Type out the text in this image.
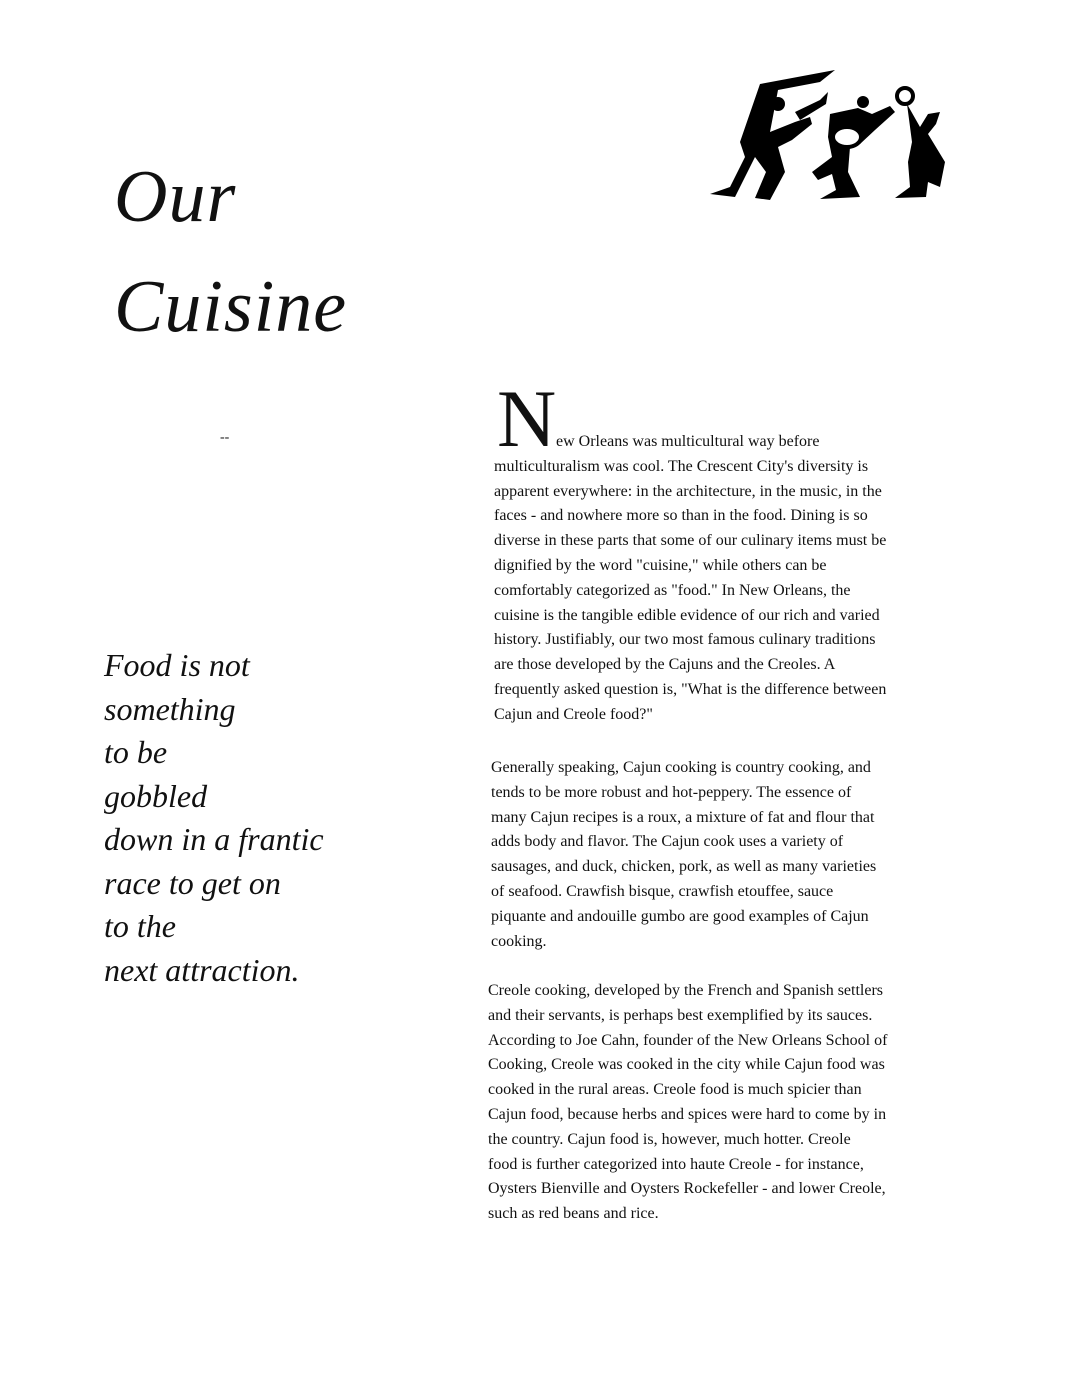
Our
Cuisine
--
Food is not
something
to be
gobbled
down in a frantic
race to get on
to the
next attraction.
N ew Orleans was multicultural way before
multiculturalism was cool. The Crescent City's diversity is
apparent everywhere: in the architecture, in the music, in the
faces - and nowhere more so than in the food. Dining is so
diverse in these parts that some of our culinary items must be
dignified by the word "cuisine," while others can be
comfortably categorized as "food." In New Orleans, the
cuisine is the tangible edible evidence of our rich and varied
history. Justifiably, our two most famous culinary traditions
are those developed by the Cajuns and the Creoles. A
frequently asked question is, "What is the difference between
Cajun and Creole food?"
Generally speaking, Cajun cooking is country cooking, and
tends to be more robust and hot-peppery. The essence of
many Cajun recipes is a roux, a mixture of fat and flour that
adds body and flavor. The Cajun cook uses a variety of
sausages, and duck, chicken, pork, as well as many varieties
of seafood. Crawfish bisque, crawfish etouffee, sauce
piquante and andouille gumbo are good examples of Cajun
cooking.
Creole cooking, developed by the French and Spanish settlers
and their servants, is perhaps best exemplified by its sauces.
According to Joe Cahn, founder of the New Orleans School of
Cooking, Creole was cooked in the city while Cajun food was
cooked in the rural areas. Creole food is much spicier than
Cajun food, because herbs and spices were hard to come by in
the country. Cajun food is, however, much hotter. Creole
food is further categorized into haute Creole - for instance,
Oysters Bienville and Oysters Rockefeller - and lower Creole,
such as red beans and rice.
